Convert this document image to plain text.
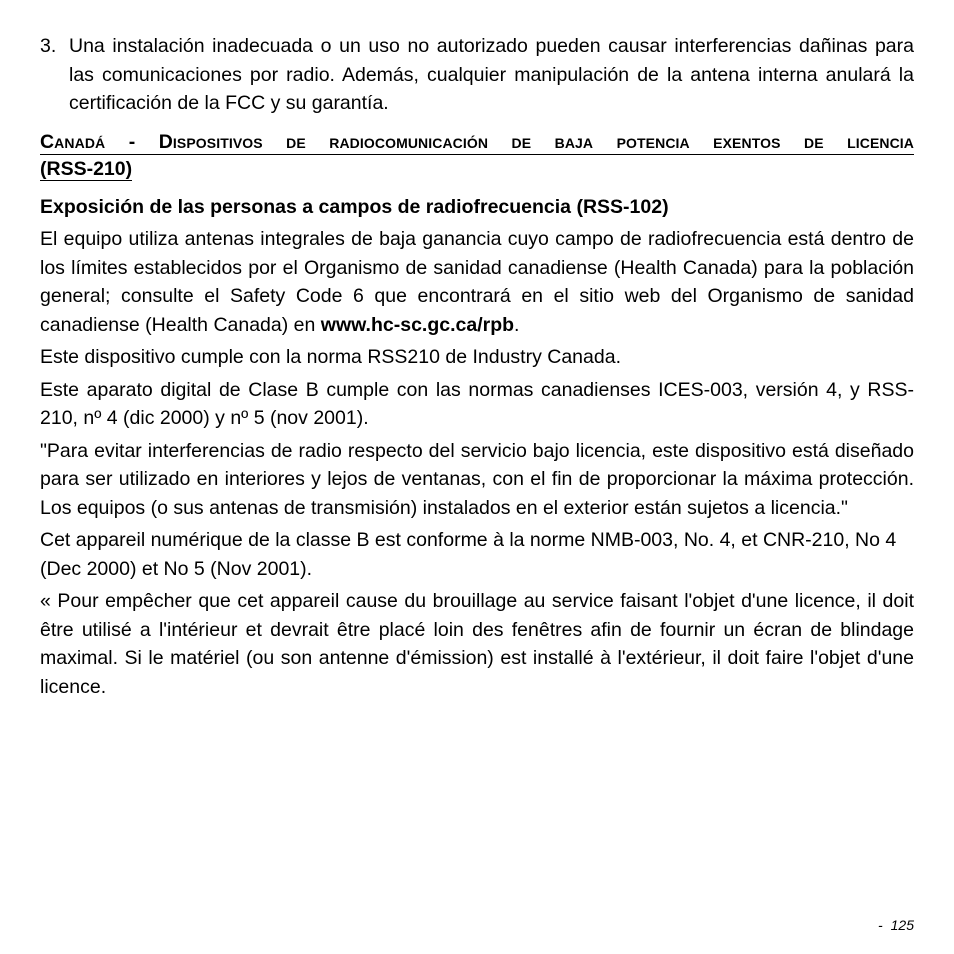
3. Una instalación inadecuada o un uso no autorizado pueden causar interferencias dañinas para las comunicaciones por radio. Además, cualquier manipulación de la antena interna anulará la certificación de la FCC y su garantía.
Canadá - Dispositivos de radiocomunicación de baja potencia exentos de licencia
(RSS-210)
Exposición de las personas a campos de radiofrecuencia (RSS-102)

El equipo utiliza antenas integrales de baja ganancia cuyo campo de radiofrecuencia está dentro de los límites establecidos por el Organismo de sanidad canadiense (Health Canada) para la población general; consulte el Safety Code 6 que encontrará en el sitio web del Organismo de sanidad canadiense (Health Canada) en www.hc-sc.gc.ca/rpb.

Este dispositivo cumple con la norma RSS210 de Industry Canada.

Este aparato digital de Clase B cumple con las normas canadienses ICES-003, versión 4, y RSS-210, nº 4 (dic 2000) y nº 5 (nov 2001).

"Para evitar interferencias de radio respecto del servicio bajo licencia, este dispositivo está diseñado para ser utilizado en interiores y lejos de ventanas, con el fin de proporcionar la máxima protección. Los equipos (o sus antenas de transmisión) instalados en el exterior están sujetos a licencia."

Cet appareil numérique de la classe B est conforme à la norme NMB-003, No. 4, et CNR-210, No 4 (Dec 2000) et No 5 (Nov 2001).

« Pour empêcher que cet appareil cause du brouillage au service faisant l'objet d'une licence, il doit être utilisé a l'intérieur et devrait être placé loin des fenêtres afin de fournir un écran de blindage maximal. Si le matériel (ou son antenne d'émission) est installé à l'extérieur, il doit faire l'objet d'une licence.

- 125
